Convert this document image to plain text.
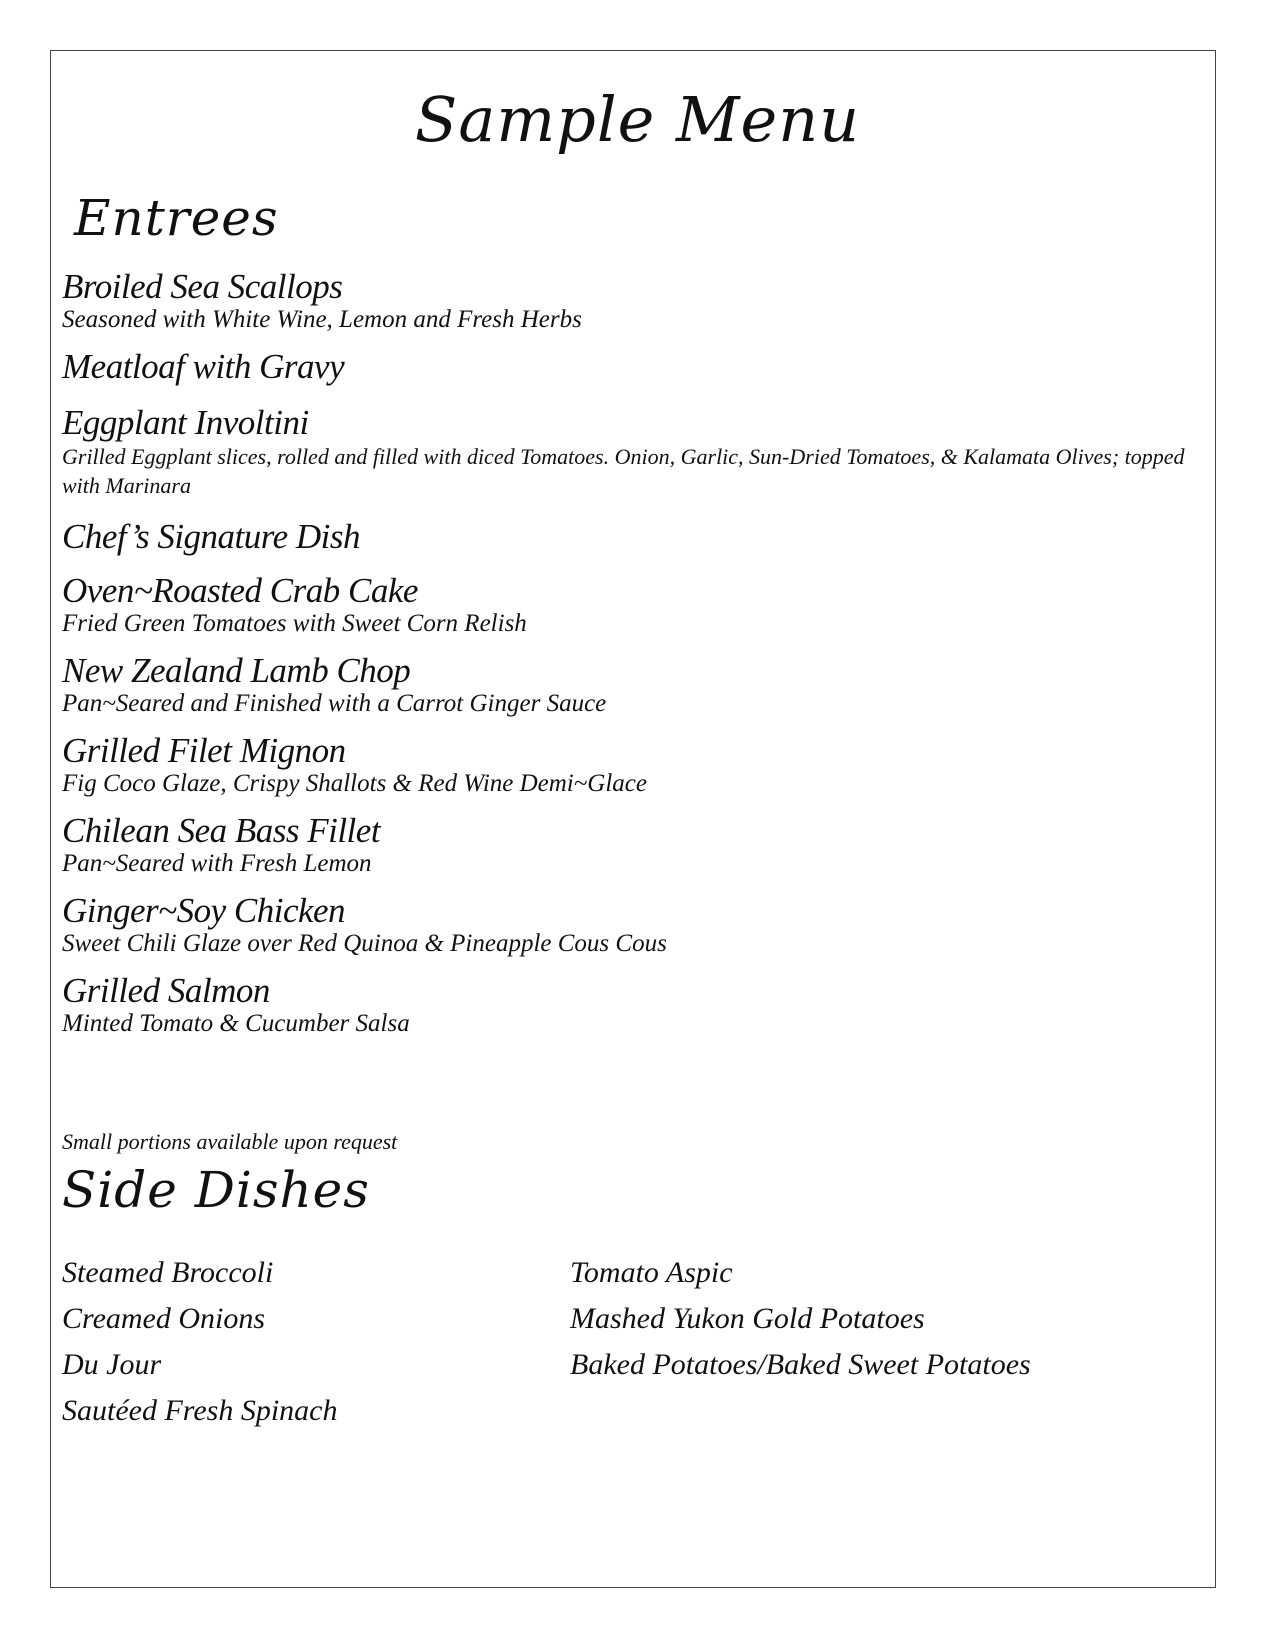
Sample Menu
Entrees
Broiled Sea Scallops
Seasoned with White Wine, Lemon and Fresh Herbs
Meatloaf with Gravy
Eggplant Involtini
Grilled Eggplant slices, rolled and filled with diced Tomatoes. Onion, Garlic, Sun-Dried Tomatoes, & Kalamata Olives; topped with Marinara
Chef’s Signature Dish
Oven~Roasted Crab Cake
Fried Green Tomatoes with Sweet Corn Relish
New Zealand Lamb Chop
Pan~Seared and Finished with a Carrot Ginger Sauce
Grilled Filet Mignon
Fig Coco Glaze, Crispy Shallots & Red Wine Demi~Glace
Chilean Sea Bass Fillet
Pan~Seared with Fresh Lemon
Ginger~Soy Chicken
Sweet Chili Glaze over Red Quinoa & Pineapple Cous Cous
Grilled Salmon
Minted Tomato & Cucumber Salsa
Small portions available upon request
Side Dishes
Steamed Broccoli
Creamed Onions
Du Jour
Sautéed Fresh Spinach
Tomato Aspic
Mashed Yukon Gold Potatoes
Baked Potatoes/Baked Sweet Potatoes
